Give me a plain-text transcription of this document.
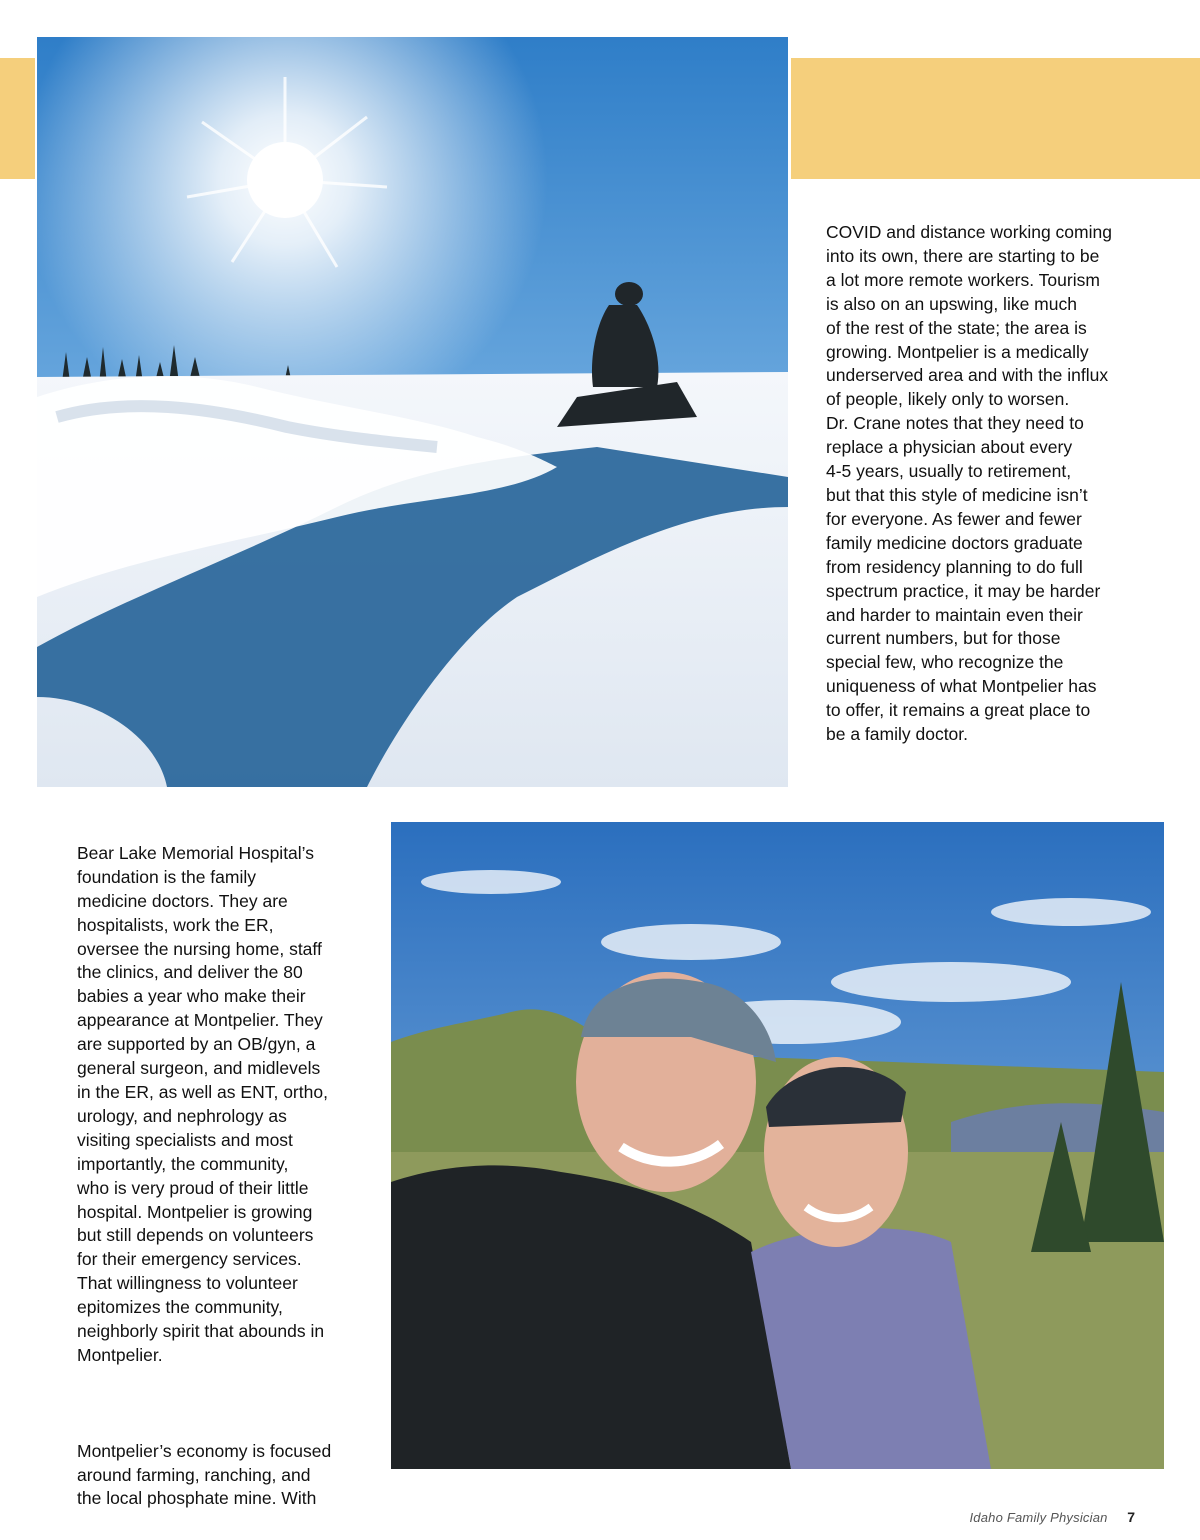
COVID and distance working coming
into its own, there are starting to be
a lot more remote workers. Tourism
is also on an upswing, like much
of the rest of the state; the area is
growing. Montpelier is a medically
underserved area and with the influx
of people, likely only to worsen.
Dr. Crane notes that they need to
replace a physician about every
4-5 years, usually to retirement,
but that this style of medicine isn’t
for everyone. As fewer and fewer
family medicine doctors graduate
from residency planning to do full
spectrum practice, it may be harder
and harder to maintain even their
current numbers, but for those
special few, who recognize the
uniqueness of what Montpelier has
to offer, it remains a great place to
be a family doctor.

Bear Lake Memorial Hospital’s
foundation is the family
medicine doctors. They are
hospitalists, work the ER,
oversee the nursing home, staff
the clinics, and deliver the 80
babies a year who make their
appearance at Montpelier. They
are supported by an OB/gyn, a
general surgeon, and midlevels
in the ER, as well as ENT, ortho,
urology, and nephrology as
visiting specialists and most
importantly, the community,
who is very proud of their little
hospital. Montpelier is growing
but still depends on volunteers
for their emergency services.
That willingness to volunteer
epitomizes the community,
neighborly spirit that abounds in
Montpelier.

Montpelier’s economy is focused
around farming, ranching, and
the local phosphate mine. With

Idaho Family Physician 7
